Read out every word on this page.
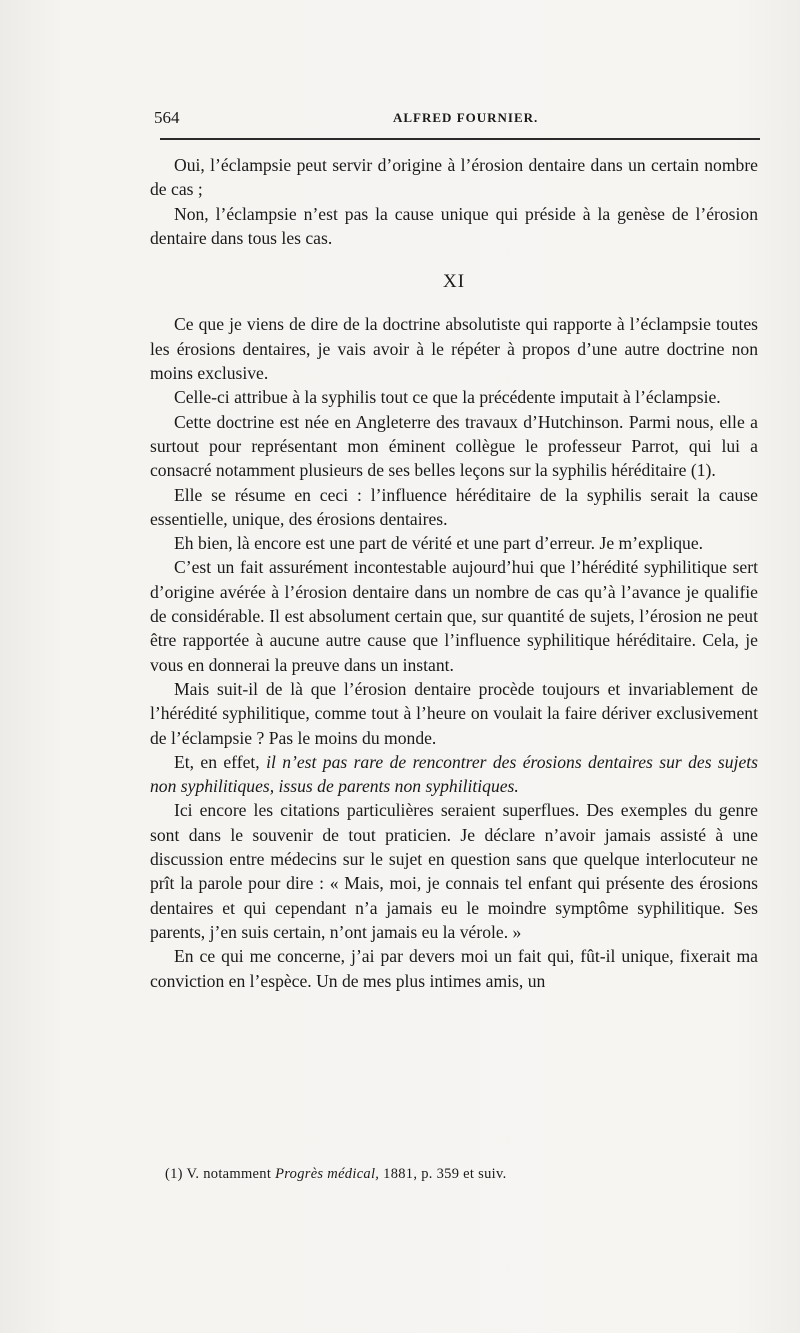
564	ALFRED FOURNIER.

Oui, l’éclampsie peut servir d’origine à l’érosion dentaire dans un certain nombre de cas ;

Non, l’éclampsie n’est pas la cause unique qui préside à la genèse de l’érosion dentaire dans tous les cas.

XI

Ce que je viens de dire de la doctrine absolutiste qui rapporte à l’éclampsie toutes les érosions dentaires, je vais avoir à le répéter à propos d’une autre doctrine non moins exclusive.

Celle-ci attribue à la syphilis tout ce que la précédente imputait à l’éclampsie.

Cette doctrine est née en Angleterre des travaux d’Hutchinson. Parmi nous, elle a surtout pour représentant mon éminent collègue le professeur Parrot, qui lui a consacré notamment plusieurs de ses belles leçons sur la syphilis héréditaire (1).

Elle se résume en ceci : l’influence héréditaire de la syphilis serait la cause essentielle, unique, des érosions dentaires.

Eh bien, là encore est une part de vérité et une part d’erreur. Je m’explique.

C’est un fait assurément incontestable aujourd’hui que l’hérédité syphilitique sert d’origine avérée à l’érosion dentaire dans un nombre de cas qu’à l’avance je qualifie de considérable. Il est absolument certain que, sur quantité de sujets, l’érosion ne peut être rapportée à aucune autre cause que l’influence syphilitique héréditaire. Cela, je vous en donnerai la preuve dans un instant.

Mais suit-il de là que l’érosion dentaire procède toujours et invariablement de l’hérédité syphilitique, comme tout à l’heure on voulait la faire dériver exclusivement de l’éclampsie ? Pas le moins du monde.

Et, en effet, il n’est pas rare de rencontrer des érosions dentaires sur des sujets non syphilitiques, issus de parents non syphilitiques.

Ici encore les citations particulières seraient superflues. Des exemples du genre sont dans le souvenir de tout praticien. Je déclare n’avoir jamais assisté à une discussion entre médecins sur le sujet en question sans que quelque interlocuteur ne prît la parole pour dire : « Mais, moi, je connais tel enfant qui présente des érosions dentaires et qui cependant n’a jamais eu le moindre symptôme syphilitique. Ses parents, j’en suis certain, n’ont jamais eu la vérole. »

En ce qui me concerne, j’ai par devers moi un fait qui, fût-il unique, fixerait ma conviction en l’espèce. Un de mes plus intimes amis, un

(1) V. notamment Progrès médical, 1881, p. 359 et suiv.
